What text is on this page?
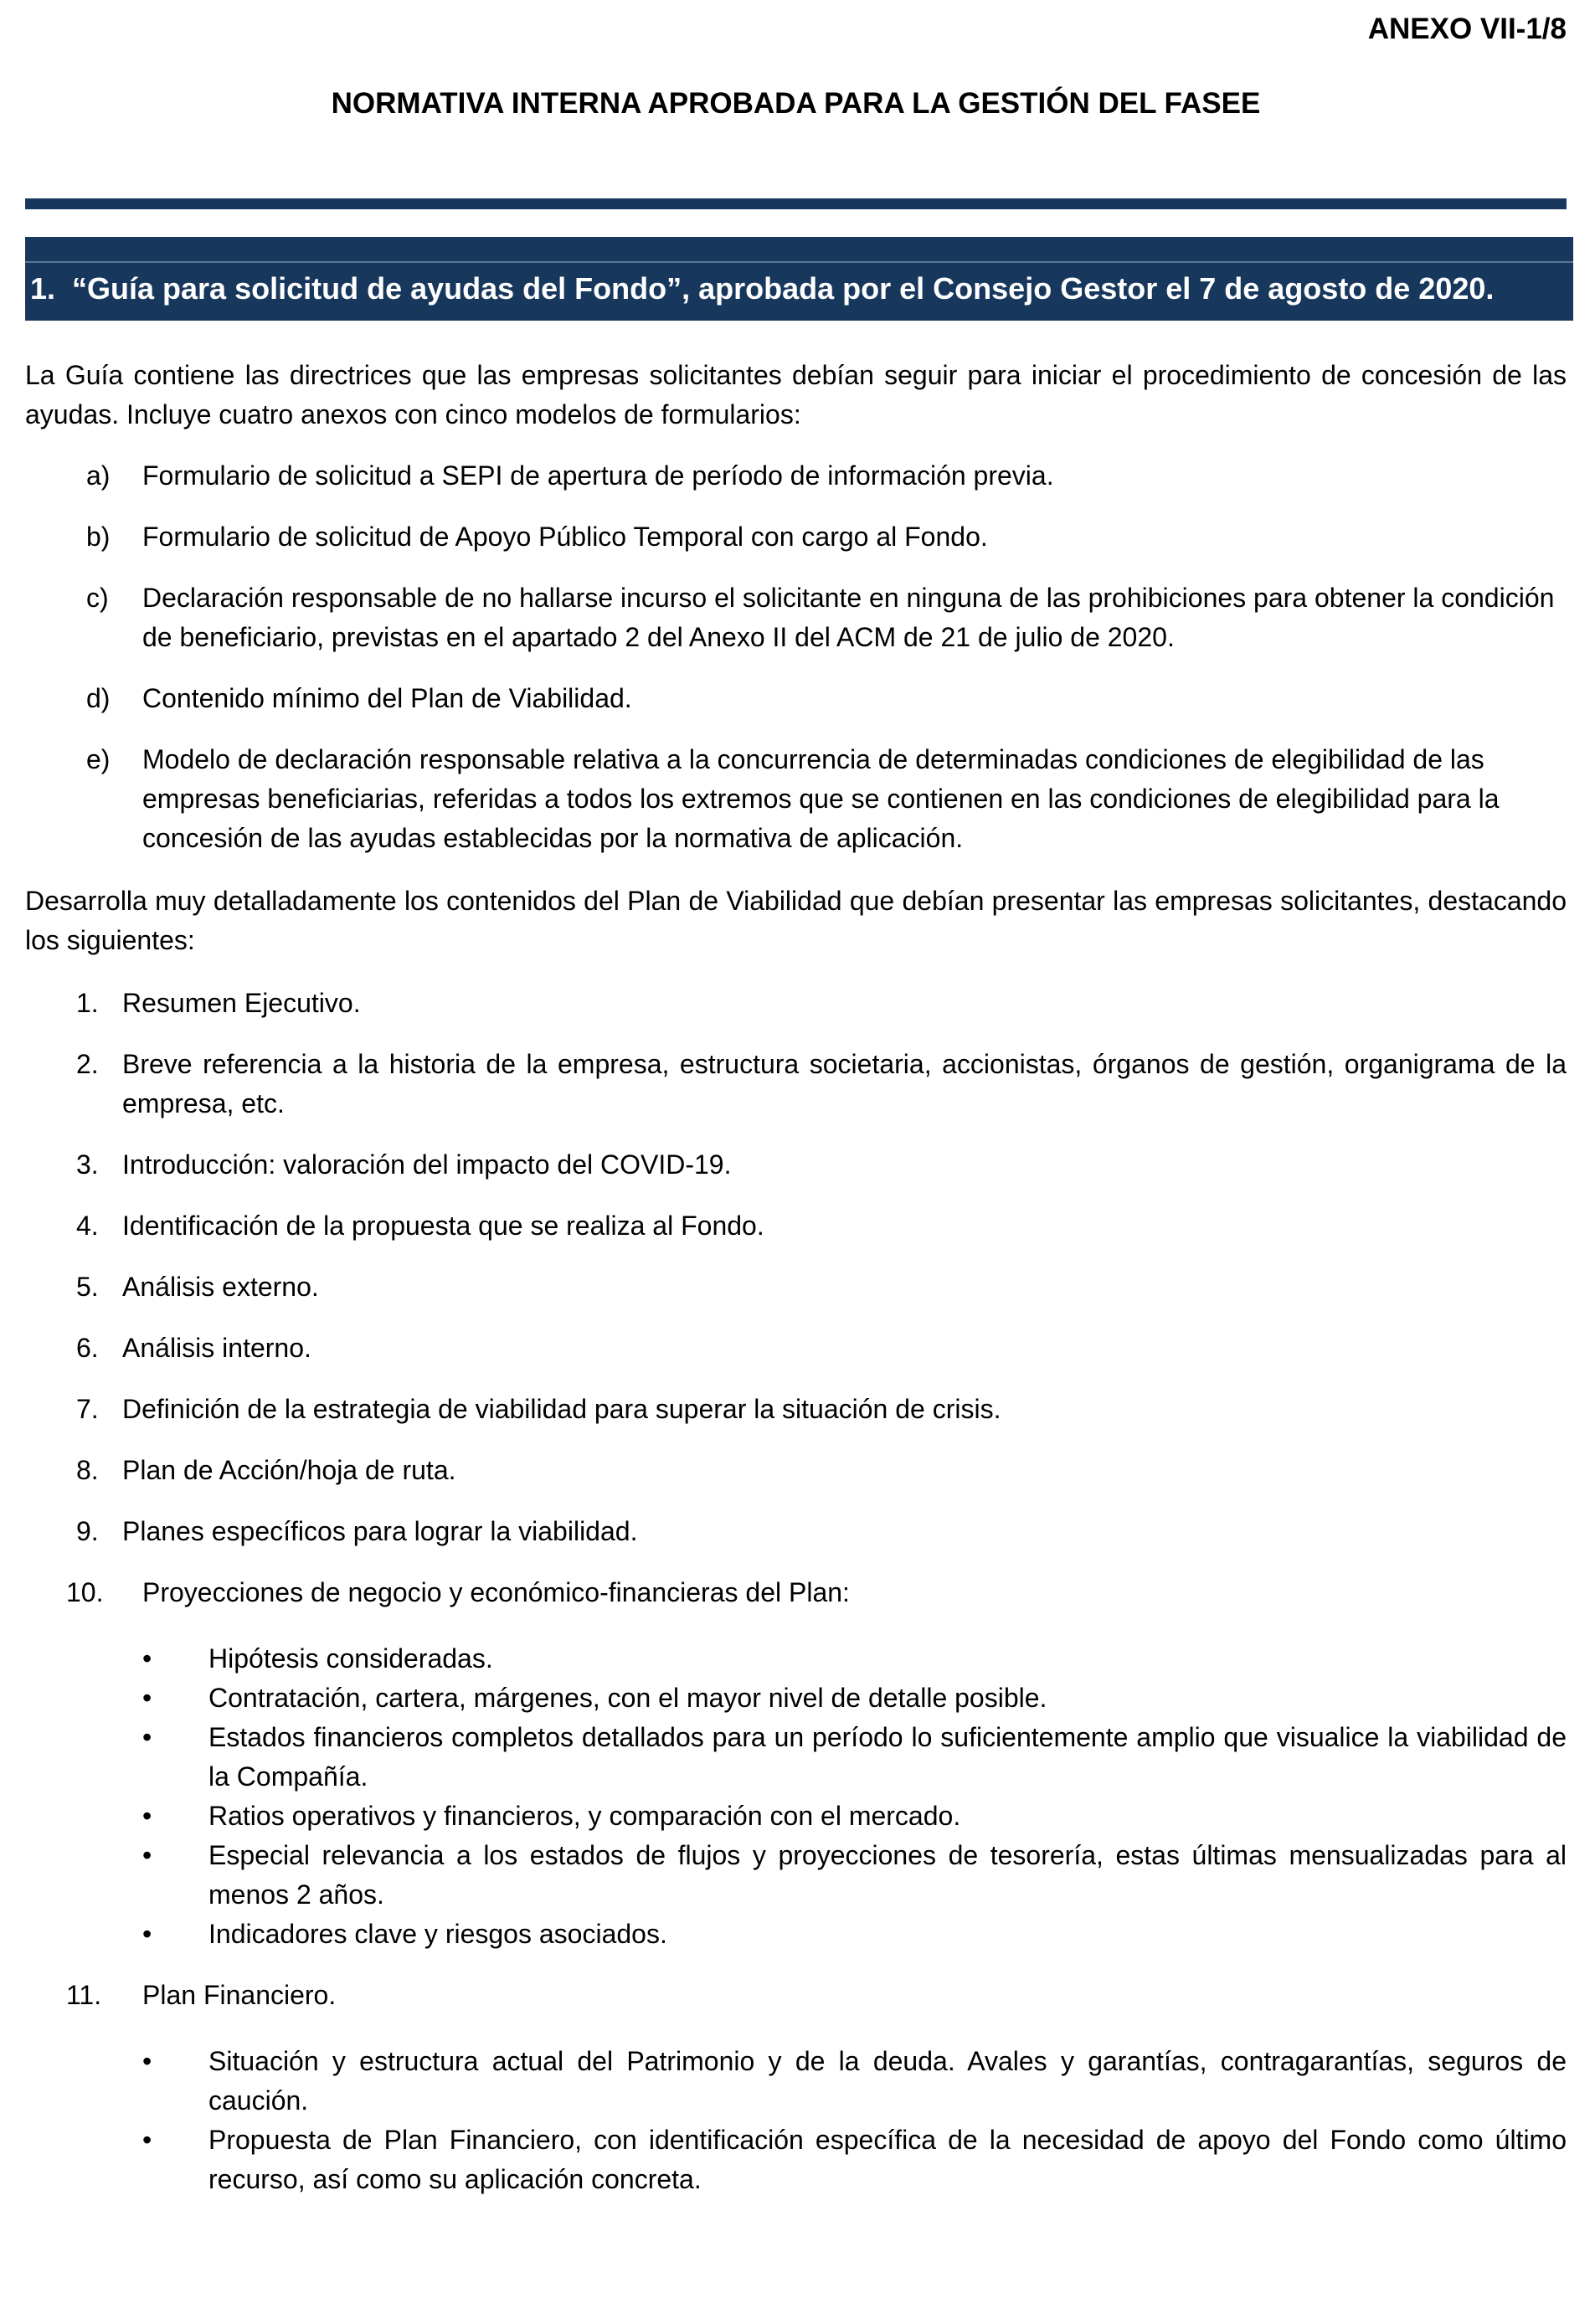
ANEXO VII-1/8
NORMATIVA INTERNA APROBADA PARA LA GESTIÓN DEL FASEE
1. “Guía para solicitud de ayudas del Fondo”, aprobada por el Consejo Gestor el 7 de agosto de 2020.
La Guía contiene las directrices que las empresas solicitantes debían seguir para iniciar el procedimiento de concesión de las ayudas. Incluye cuatro anexos con cinco modelos de formularios:
a)	Formulario de solicitud a SEPI de apertura de período de información previa.
b)	Formulario de solicitud de Apoyo Público Temporal con cargo al Fondo.
c)	Declaración responsable de no hallarse incurso el solicitante en ninguna de las prohibiciones para obtener la condición de beneficiario, previstas en el apartado 2 del Anexo II del ACM de 21 de julio de 2020.
d)	Contenido mínimo del Plan de Viabilidad.
e)	Modelo de declaración responsable relativa a la concurrencia de determinadas condiciones de elegibilidad de las empresas beneficiarias, referidas a todos los extremos que se contienen en las condiciones de elegibilidad para la concesión de las ayudas establecidas por la normativa de aplicación.
Desarrolla muy detalladamente los contenidos del Plan de Viabilidad que debían presentar las empresas solicitantes, destacando los siguientes:
1. Resumen Ejecutivo.
2. Breve referencia a la historia de la empresa, estructura societaria, accionistas, órganos de gestión, organigrama de la empresa, etc.
3. Introducción: valoración del impacto del COVID-19.
4. Identificación de la propuesta que se realiza al Fondo.
5. Análisis externo.
6. Análisis interno.
7. Definición de la estrategia de viabilidad para superar la situación de crisis.
8. Plan de Acción/hoja de ruta.
9. Planes específicos para lograr la viabilidad.
10.	Proyecciones de negocio y económico-financieras del Plan:
•	Hipótesis consideradas.
•	Contratación, cartera, márgenes, con el mayor nivel de detalle posible.
•	Estados financieros completos detallados para un período lo suficientemente amplio que visualice la viabilidad de la Compañía.
•	Ratios operativos y financieros, y comparación con el mercado.
•	Especial relevancia a los estados de flujos y proyecciones de tesorería, estas últimas mensualizadas para al menos 2 años.
•	Indicadores clave y riesgos asociados.
11.	Plan Financiero.
•	Situación y estructura actual del Patrimonio y de la deuda. Avales y garantías, contragarantías, seguros de caución.
•	Propuesta de Plan Financiero, con identificación específica de la necesidad de apoyo del Fondo como último recurso, así como su aplicación concreta.
